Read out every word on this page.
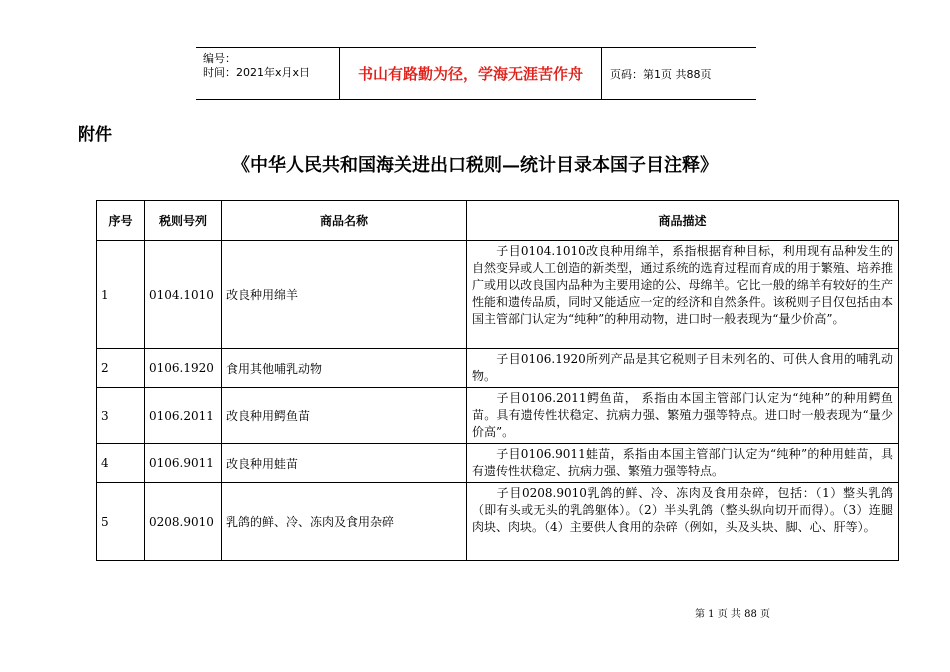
编号：
时间：2021年x月x日	书山有路勤为径，学海无涯苦作舟	页码：第1页 共88页
附件
《中华人民共和国海关进出口税则—统计目录本国子目注释》
序号	税则号列	商品名称	商品描述
1	0104.1010	改良种用绵羊	子目0104.1010改良种用绵羊，系指根据育种目标，利用现有品种发生的自然变异或人工创造的新类型，通过系统的选育过程而育成的用于繁殖、培养推广或用以改良国内品种为主要用途的公、母绵羊。它比一般的绵羊有较好的生产性能和遗传品质，同时又能适应一定的经济和自然条件。该税则子目仅包括由本国主管部门认定为“纯种”的种用动物，进口时一般表现为“量少价高”。
2	0106.1920	食用其他哺乳动物	子目0106.1920所列产品是其它税则子目未列名的、可供人食用的哺乳动物。
3	0106.2011	改良种用鳄鱼苗	子目0106.2011鳄鱼苗， 系指由本国主管部门认定为“纯种”的种用鳄鱼苗。具有遗传性状稳定、抗病力强、繁殖力强等特点。进口时一般表现为“量少价高”。
4	0106.9011	改良种用蛙苗	子目0106.9011蛙苗，系指由本国主管部门认定为“纯种”的种用蛙苗，具有遗传性状稳定、抗病力强、繁殖力强等特点。
5	0208.9010	乳鸽的鲜、冷、冻肉及食用杂碎	子目0208.9010乳鸽的鲜、冷、冻肉及食用杂碎，包括：（1）整头乳鸽（即有头或无头的乳鸽躯体）。（2）半头乳鸽（整头纵向切开而得）。（3）连腿肉块、肉块。（4）主要供人食用的杂碎（例如，头及头块、脚、心、肝等）。
第 1 页 共 88 页
